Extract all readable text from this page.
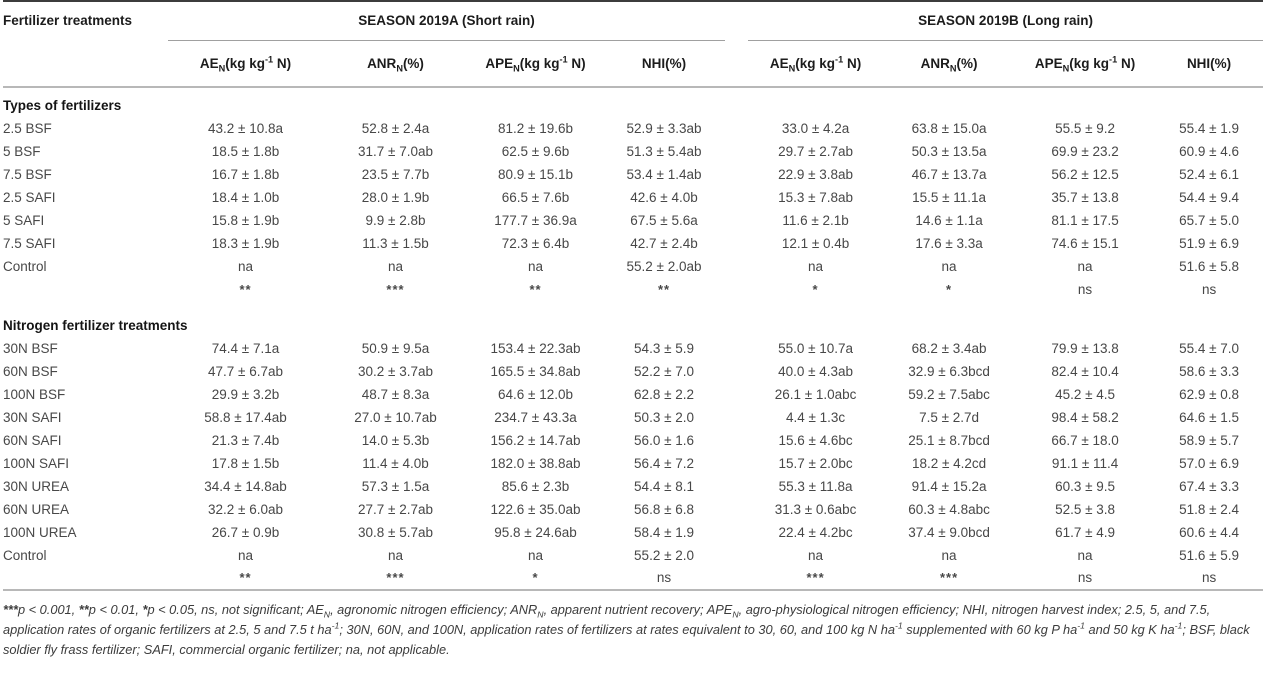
Fertilizer treatments	SEASON 2019A (Short rain)					SEASON 2019B (Long rain)			
	$AE_N(kg$ $kg^{-1}$ N)	$ANR_N(\%)$	$APE_N(kg$ $kg^{-1}$ N)	NHI(%)		$AE_N(kg$ $kg^{-1}$ N)	$ANR_N(\%)$	$APE_N(kg$ $kg^{-1}$ N)	NHI(%)
Types of fertilizers									
2.5 BSF	43.2 ± 10.8a	52.8 ± 2.4a	81.2 ± 19.6b	52.9 ± 3.3ab		33.0 ± 4.2a	63.8 ± 15.0a	55.5 ± 9.2	55.4 ± 1.9
5 BSF	18.5 ± 1.8b	31.7 ± 7.0ab	62.5 ± 9.6b	51.3 ± 5.4ab		29.7 ± 2.7ab	50.3 ± 13.5a	69.9 ± 23.2	60.9 ± 4.6
7.5 BSF	16.7 ± 1.8b	23.5 ± 7.7b	80.9 ± 15.1b	53.4 ± 1.4ab		22.9 ± 3.8ab	46.7 ± 13.7a	56.2 ± 12.5	52.4 ± 6.1
2.5 SAFI	18.4 ± 1.0b	28.0 ± 1.9b	66.5 ± 7.6b	42.6 ± 4.0b		15.3 ± 7.8ab	15.5 ± 11.1a	35.7 ± 13.8	54.4 ± 9.4
5 SAFI	15.8 ± 1.9b	9.9 ± 2.8b	177.7 ± 36.9a	67.5 ± 5.6a		11.6 ± 2.1b	14.6 ± 1.1a	81.1 ± 17.5	65.7 ± 5.0
7.5 SAFI	18.3 ± 1.9b	11.3 ± 1.5b	72.3 ± 6.4b	42.7 ± 2.4b		12.1 ± 0.4b	17.6 ± 3.3a	74.6 ± 15.1	51.9 ± 6.9
Control	na	na	na	55.2 ± 2.0ab		na	na	na	51.6 ± 5.8
	**	***	**	**		*	*	ns	ns
Nitrogen fertilizer treatments									
30N BSF	74.4 ± 7.1a	50.9 ± 9.5a	153.4 ± 22.3ab	54.3 ± 5.9		55.0 ± 10.7a	68.2 ± 3.4ab	79.9 ± 13.8	55.4 ± 7.0
60N BSF	47.7 ± 6.7ab	30.2 ± 3.7ab	165.5 ± 34.8ab	52.2 ± 7.0		40.0 ± 4.3ab	32.9 ± 6.3bcd	82.4 ± 10.4	58.6 ± 3.3
100N BSF	29.9 ± 3.2b	48.7 ± 8.3a	64.6 ± 12.0b	62.8 ± 2.2		26.1 ± 1.0abc	59.2 ± 7.5abc	45.2 ± 4.5	62.9 ± 0.8
30N SAFI	58.8 ± 17.4ab	27.0 ± 10.7ab	234.7 ± 43.3a	50.3 ± 2.0		4.4 ± 1.3c	7.5 ± 2.7d	98.4 ± 58.2	64.6 ± 1.5
60N SAFI	21.3 ± 7.4b	14.0 ± 5.3b	156.2 ± 14.7ab	56.0 ± 1.6		15.6 ± 4.6bc	25.1 ± 8.7bcd	66.7 ± 18.0	58.9 ± 5.7
100N SAFI	17.8 ± 1.5b	11.4 ± 4.0b	182.0 ± 38.8ab	56.4 ± 7.2		15.7 ± 2.0bc	18.2 ± 4.2cd	91.1 ± 11.4	57.0 ± 6.9
30N UREA	34.4 ± 14.8ab	57.3 ± 1.5a	85.6 ± 2.3b	54.4 ± 8.1		55.3 ± 11.8a	91.4 ± 15.2a	60.3 ± 9.5	67.4 ± 3.3
60N UREA	32.2 ± 6.0ab	27.7 ± 2.7ab	122.6 ± 35.0ab	56.8 ± 6.8		31.3 ± 0.6abc	60.3 ± 4.8abc	52.5 ± 3.8	51.8 ± 2.4
100N UREA	26.7 ± 0.9b	30.8 ± 5.7ab	95.8 ± 24.6ab	58.4 ± 1.9		22.4 ± 4.2bc	37.4 ± 9.0bcd	61.7 ± 4.9	60.6 ± 4.4
Control	na	na	na	55.2 ± 2.0		na	na	na	51.6 ± 5.9
	**	***	*	ns		***	***	ns	ns

***p < 0.001, **p < 0.01, *p < 0.05, ns, not significant; $AE_N$, agronomic nitrogen efficiency; $ANR_N$, apparent nutrient recovery; $APE_N$, agro-physiological nitrogen efficiency; NHI, nitrogen harvest index; 2.5, 5, and 7.5, application rates of organic fertilizers at 2.5, 5 and 7.5 t $ha^{-1}$; 30N, 60N, and 100N, application rates of fertilizers at rates equivalent to 30, 60, and 100 kg N $ha^{-1}$ supplemented with 60 kg P $ha^{-1}$ and 50 kg K $ha^{-1}$; BSF, black soldier fly frass fertilizer; SAFI, commercial organic fertilizer; na, not applicable.
